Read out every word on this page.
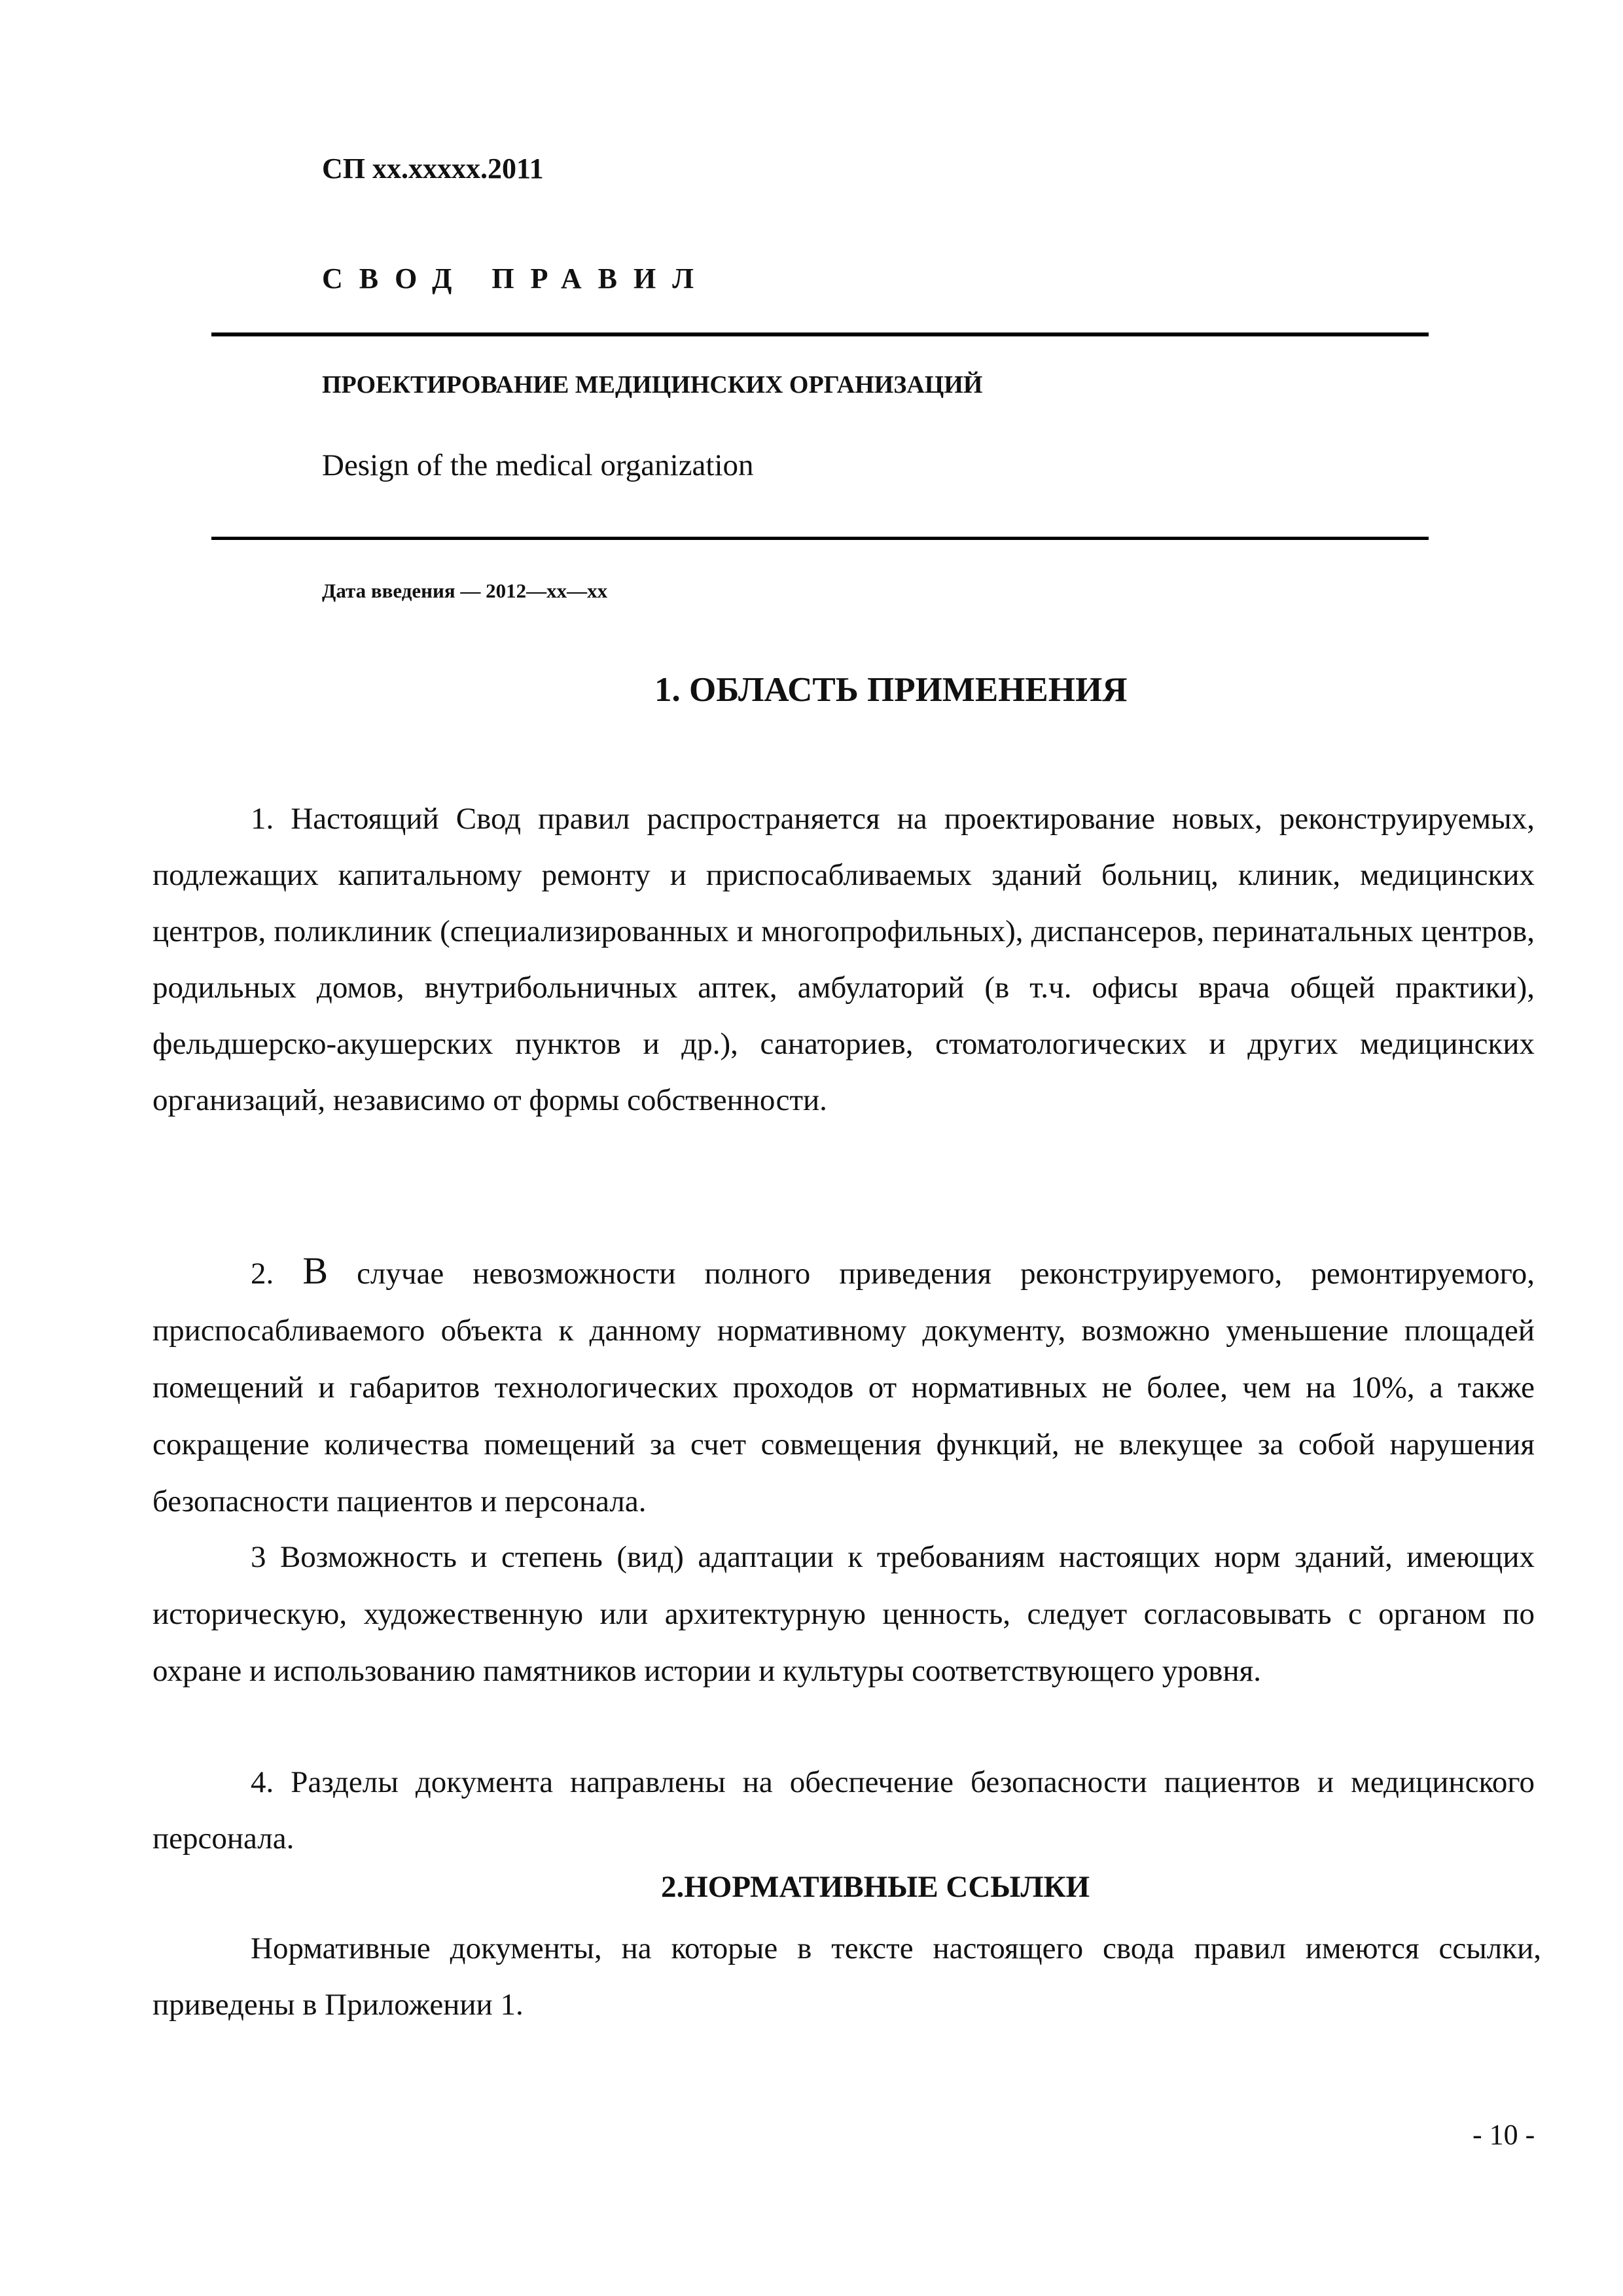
СП хх.ххххх.2011
СВОД ПРАВИЛ
ПРОЕКТИРОВАНИЕ МЕДИЦИНСКИХ ОРГАНИЗАЦИЙ
Design of the medical organization
Дата введения — 2012—хх—хх
1. ОБЛАСТЬ ПРИМЕНЕНИЯ
1. Настоящий Свод правил распространяется на проектирование новых, реконструируемых, подлежащих капитальному ремонту и приспосабливаемых зданий больниц, клиник, медицинских центров, поликлиник (специализированных и многопрофильных), диспансеров, перинатальных центров, родильных домов, внутрибольничных аптек, амбулаторий (в т.ч. офисы врача общей практики), фельдшерско-акушерских пунктов и др.), санаториев, стоматологических и других медицинских организаций, независимо от формы собственности.
2. В случае невозможности полного приведения реконструируемого, ремонтируемого, приспосабливаемого объекта к данному нормативному документу, возможно уменьшение площадей помещений и габаритов технологических проходов от нормативных не более, чем на 10%, а также сокращение количества помещений за счет совмещения функций, не влекущее за собой нарушения безопасности пациентов и персонала.
3 Возможность и степень (вид) адаптации к требованиям настоящих норм зданий, имеющих историческую, художественную или архитектурную ценность, следует согласовывать с органом по охране и использованию памятников истории и культуры соответствующего уровня.
4. Разделы документа направлены на обеспечение безопасности пациентов и медицинского персонала.
2.НОРМАТИВНЫЕ ССЫЛКИ
Нормативные документы, на которые в тексте настоящего свода правил имеются ссылки, приведены в Приложении 1.
- 10 -
